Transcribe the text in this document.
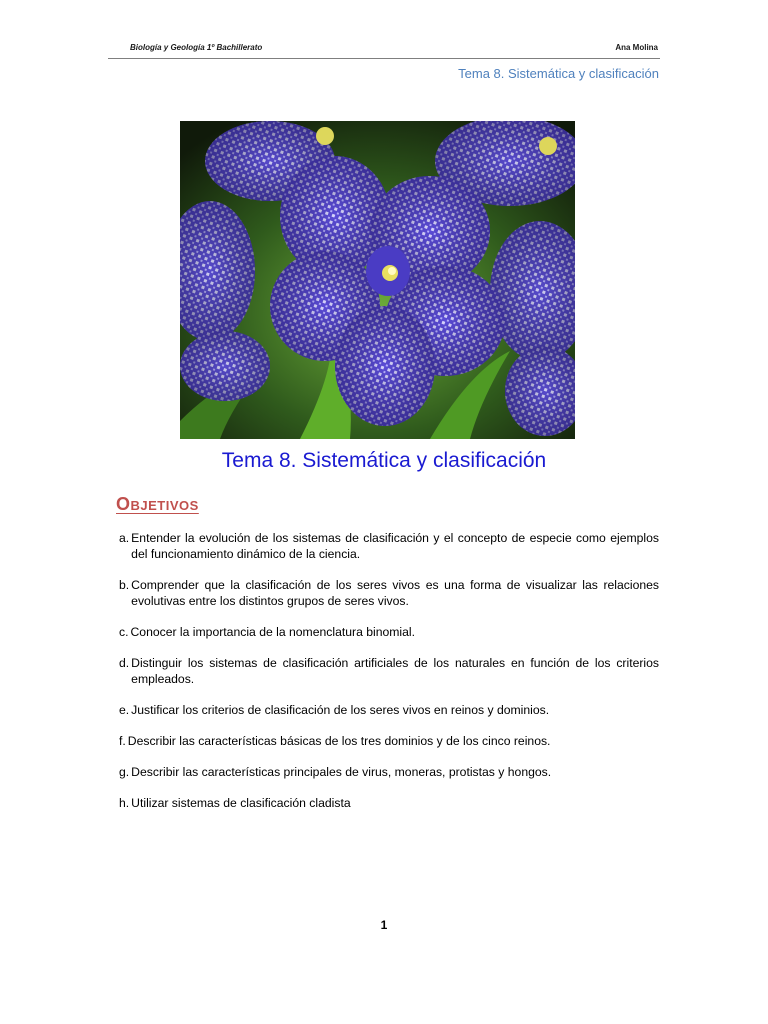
Biología y Geología 1º Bachillerato	Ana Molina
Tema 8. Sistemática y clasificación
Tema 8. Sistemática y clasificación
Objetivos
a. Entender la evolución de los sistemas de clasificación y el concepto de especie como ejemplos del funcionamiento dinámico de la ciencia.
b. Comprender que la clasificación de los seres vivos es una forma de visualizar las relaciones evolutivas entre los distintos grupos de seres vivos.
c. Conocer la importancia de la nomenclatura binomial.
d. Distinguir los sistemas de clasificación artificiales de los naturales en función de los criterios empleados.
e. Justificar los criterios de clasificación de los seres vivos en reinos y dominios.
f. Describir las características básicas de los tres dominios y de los cinco reinos.
g. Describir las características principales de virus, moneras, protistas y hongos.
h. Utilizar sistemas de clasificación cladista
1
